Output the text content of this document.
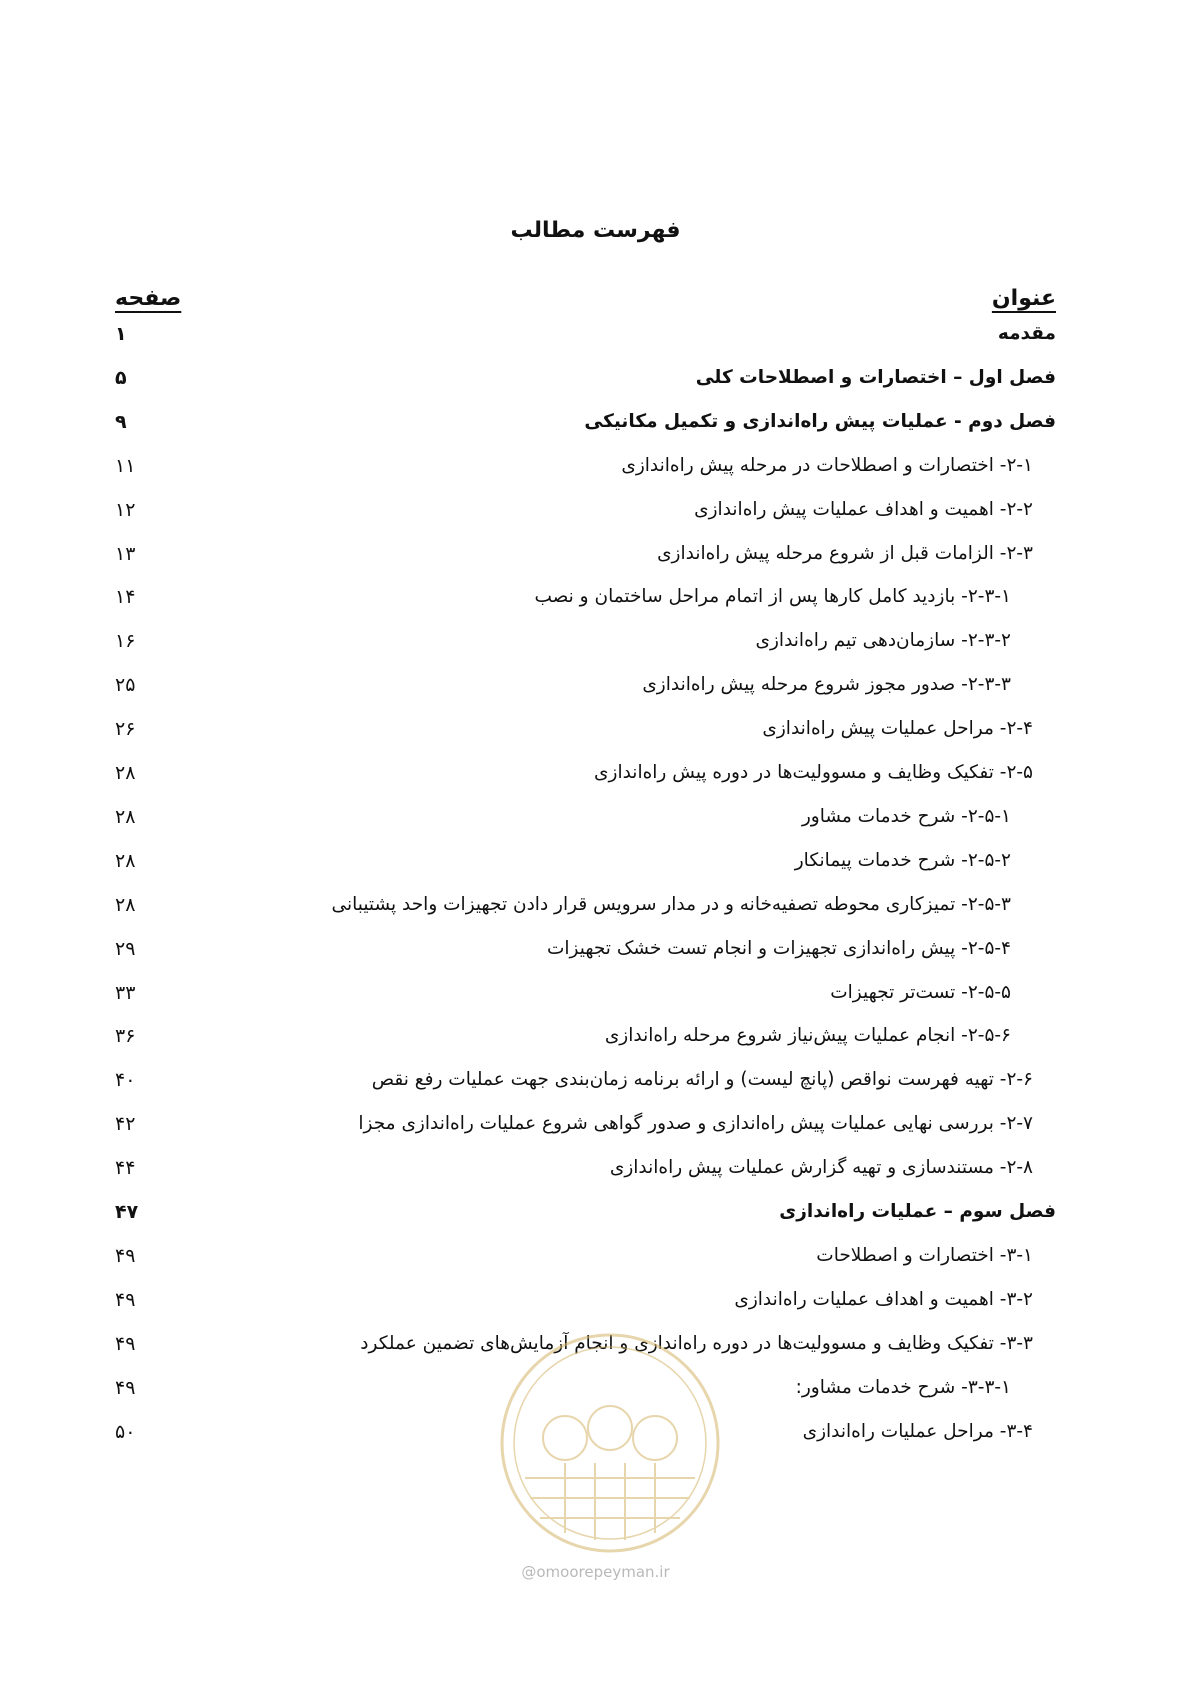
فهرست مطالب
عنوان
صفحه
مقدمه
۱
فصل اول – اختصارات و اصطلاحات کلی
۵
فصل دوم - عملیات پیش راه‌اندازی و تکمیل مکانیکی
۹
۲-۱- اختصارات و اصطلاحات در مرحله پیش راه‌اندازی
۱۱
۲-۲- اهمیت و اهداف عملیات پیش راه‌اندازی
۱۲
۲-۳- الزامات قبل از شروع مرحله پیش راه‌اندازی
۱۳
۲-۳-۱- بازدید کامل کارها پس از اتمام مراحل ساختمان و نصب
۱۴
۲-۳-۲- سازمان‌دهی تیم راه‌اندازی
۱۶
۲-۳-۳- صدور مجوز شروع مرحله پیش راه‌اندازی
۲۵
۲-۴- مراحل عملیات پیش راه‌اندازی
۲۶
۲-۵- تفکیک وظایف و مسوولیت‌ها در دوره پیش راه‌اندازی
۲۸
۲-۵-۱- شرح خدمات مشاور
۲۸
۲-۵-۲- شرح خدمات پیمانکار
۲۸
۲-۵-۳- تمیزکاری محوطه تصفیه‌خانه و در مدار سرویس قرار دادن تجهیزات واحد پشتیبانی
۲۸
۲-۵-۴- پیش راه‌اندازی تجهیزات و انجام تست خشک تجهیزات
۲۹
۲-۵-۵- تست‌تر تجهیزات
۳۳
۲-۵-۶- انجام عملیات پیش‌نیاز شروع مرحله راه‌اندازی
۳۶
۲-۶- تهیه فهرست نواقص (پانچ لیست) و ارائه برنامه زمان‌بندی جهت عملیات رفع نقص
۴۰
۲-۷- بررسی نهایی عملیات پیش راه‌اندازی و صدور گواهی شروع عملیات راه‌اندازی مجزا
۴۲
۲-۸- مستندسازی و تهیه گزارش عملیات پیش راه‌اندازی
۴۴
فصل سوم – عملیات راه‌اندازی
۴۷
۳-۱- اختصارات و اصطلاحات
۴۹
۳-۲- اهمیت و اهداف عملیات راه‌اندازی
۴۹
۳-۳- تفکیک وظایف و مسوولیت‌ها در دوره راه‌اندازی و انجام آزمایش‌های تضمین عملکرد
۴۹
۳-۳-۱- شرح خدمات مشاور:
۴۹
۳-۴- مراحل عملیات راه‌اندازی
۵۰
@omoorepeyman.ir
